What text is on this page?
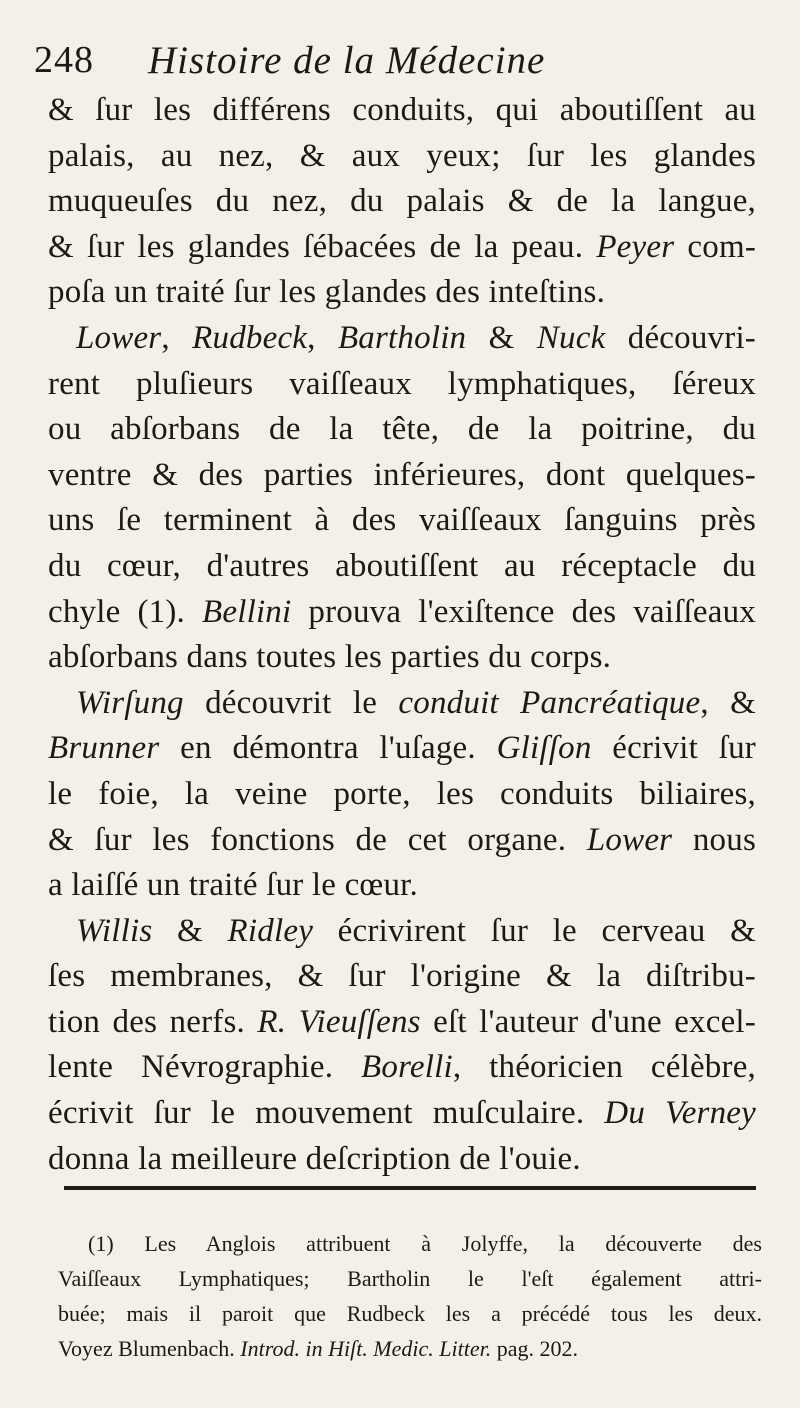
248 Histoire de la Médecine
& ſur les différens conduits, qui aboutiſſent au
palais, au nez, & aux yeux; ſur les glandes
muqueuſes du nez, du palais & de la langue,
& ſur les glandes ſébacées de la peau. Peyer com-
poſa un traité ſur les glandes des inteſtins.
Lower, Rudbeck, Bartholin & Nuck découvri-
rent pluſieurs vaiſſeaux lymphatiques, ſéreux
ou abſorbans de la tête, de la poitrine, du
ventre & des parties inférieures, dont quelques-
uns ſe terminent à des vaiſſeaux ſanguins près
du cœur, d'autres aboutiſſent au réceptacle du
chyle (1). Bellini prouva l'exiſtence des vaiſſeaux
abſorbans dans toutes les parties du corps.
Wirſung découvrit le conduit Pancréatique, &
Brunner en démontra l'uſage. Gliſſon écrivit ſur
le foie, la veine porte, les conduits biliaires,
& ſur les fonctions de cet organe. Lower nous
a laiſſé un traité ſur le cœur.
Willis & Ridley écrivirent ſur le cerveau &
ſes membranes, & ſur l'origine & la diſtribu-
tion des nerfs. R. Vieuſſens eſt l'auteur d'une excel-
lente Névrographie. Borelli, théoricien célèbre,
écrivit ſur le mouvement muſculaire. Du Verney
donna la meilleure deſcription de l'ouie.
(1) Les Anglois attribuent à Jolyffe, la découverte des
Vaiſſeaux Lymphatiques; Bartholin le l'eſt également attri-
buée; mais il paroit que Rudbeck les a précédé tous les deux.
Voyez Blumenbach. Introd. in Hiſt. Medic. Litter. pag. 202.
